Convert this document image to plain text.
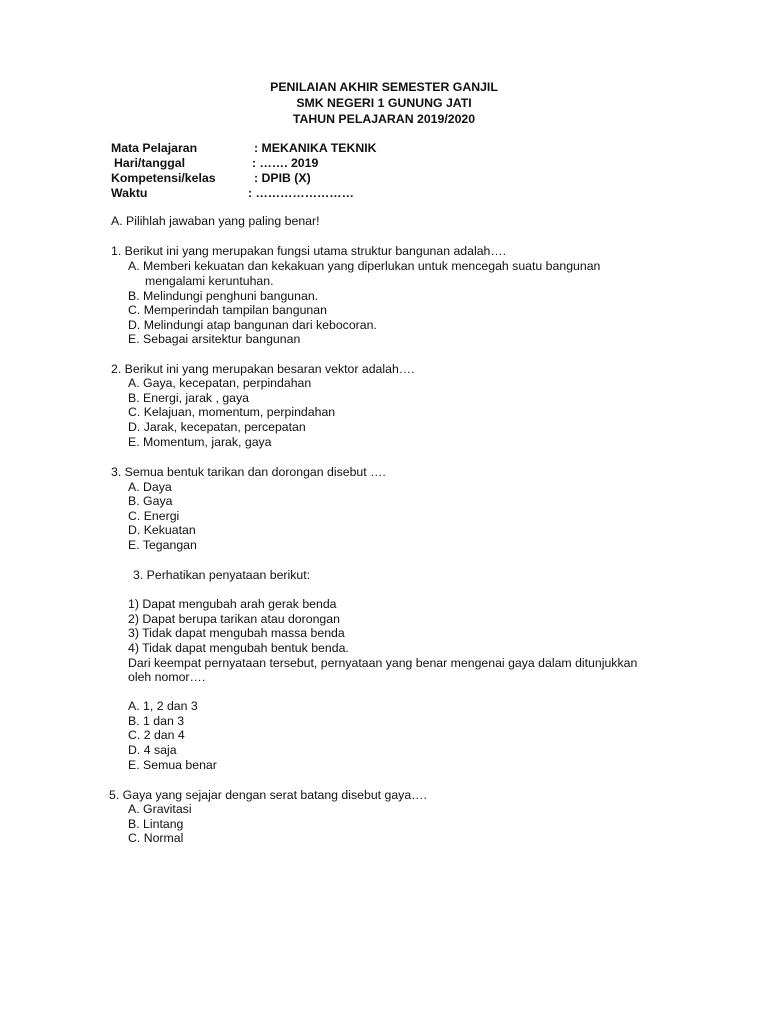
PENILAIAN AKHIR SEMESTER GANJIL
SMK NEGERI 1 GUNUNG JATI
TAHUN PELAJARAN 2019/2020
Mata Pelajaran	: MEKANIKA TEKNIK
Hari/tanggal	: ……. 2019
Kompetensi/kelas	: DPIB (X)
Waktu	: ……………………
A. Pilihlah jawaban yang paling benar!
1. Berikut ini yang merupakan fungsi utama struktur bangunan adalah….
A. Memberi kekuatan dan kekakuan yang diperlukan untuk mencegah suatu bangunan
mengalami keruntuhan.
B. Melindungi penghuni bangunan.
C. Memperindah tampilan bangunan
D. Melindungi atap bangunan dari kebocoran.
E. Sebagai arsitektur bangunan
2. Berikut ini yang merupakan besaran vektor adalah….
A. Gaya, kecepatan, perpindahan
B. Energi, jarak , gaya
C. Kelajuan, momentum, perpindahan
D. Jarak, kecepatan, percepatan
E. Momentum, jarak, gaya
3. Semua bentuk tarikan dan dorongan disebut ….
A. Daya
B. Gaya
C. Energi
D. Kekuatan
E. Tegangan
3. Perhatikan penyataan berikut:
1) Dapat mengubah arah gerak benda
2) Dapat berupa tarikan atau dorongan
3) Tidak dapat mengubah massa benda
4) Tidak dapat mengubah bentuk benda.
Dari keempat pernyataan tersebut, pernyataan yang benar mengenai gaya dalam ditunjukkan
oleh nomor….
A. 1, 2 dan 3
B. 1 dan 3
C. 2 dan 4
D. 4 saja
E. Semua benar
5. Gaya yang sejajar dengan serat batang disebut gaya….
A. Gravitasi
B. Lintang
C. Normal
